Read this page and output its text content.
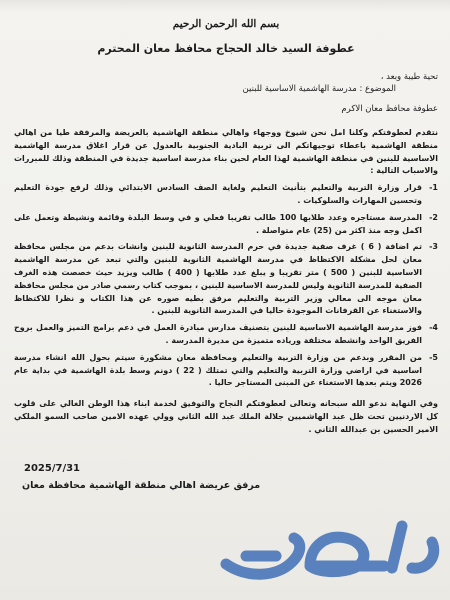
بسم الله الرحمن الرحيم
عطوفة السيد خالد الحجاج محافظ معان المحترم
تحية طيبة وبعد ،
الموضوع : مدرسة الهاشمية الاساسية للبنين
عطوفة محافظ معان الاكرم

نتقدم لعطوفتكم وكلنا امل نحن شيوخ ووجهاء واهالي منطقة الهاشمية بالعريضة والمرفقة طيا من اهالي منطقة الهاشمية باعطاء توجيهاتكم الى تربية البادية الجنوبية بالعدول عن قرار اغلاق مدرسة الهاشمية الاساسية للبنين في منطقة الهاشمية لهذا العام لحين بناء مدرسة اساسية جديدة في المنطقة وذلك للمبررات والاسباب التالية :

1-
قرار وزارة التربية والتعليم بتأنيث التعليم ولغاية الصف السادس الابتدائي وذلك لرفع جودة التعليم وتحسين المهارات والسلوكيات .
2-
المدرسة مستاجره وعدد طلابها 100 طالب تقريبا فعلي و في وسط البلدة وقائمة ونشيطة وتعمل على اكمل وجه منذ اكثر من (25) عام متواصلة .
3-
تم اضافة ( 6 ) غرف صفية جديدة في حرم المدرسة الثانوية للبنين وانشات بدعم من مجلس محافظة معان لحل مشكلة الاكتظاظ في مدرسة الهاشمية الثانوية للبنين والتي تبعد عن مدرسة الهاشمية الاساسية للبنين ( 500 ) متر تقريبا و يبلغ عدد طلابها ( 400 ) طالب ويزيد حيث خصصت هذه الغرف الصفية للمدرسة الثانوية وليس للمدرسة الاساسية للبنين ، بموجب كتاب رسمي صادر من مجلس محافظة معان موجه الى معالي وزير التربية والتعليم مرفق بطيه صوره عن هذا الكتاب و نظرا للاكتظاظ والاستغناء عن القرفانات الموجودة حاليا في المدرسة الثانوية للبنين .
4-
فوز مدرسة الهاشمية الاساسية للبنين بتصنيف مدارس مبادرة العمل في دعم برامج التميز والعمل بروح الفريق الواحد وانشطة مختلفة ورياده متميزة من مديرة المدرسة .
5-
من المقرر وبدعم من وزارة التربية والتعليم ومحافظة معان مشكورة سيتم بحول الله انشاء مدرسة اساسية في اراضي وزارة التربية والتعليم والتي تمتلك ( 22 ) دونم وسط بلدة الهاشمية في بداية عام 2026 ويتم بعدها الاستغناء عن المبنى المستاجر حاليا .

وفي النهاية ندعو الله سبحانه وتعالى لعطوفتكم النجاح والتوفيق لخدمة ابناء هذا الوطن الغالي على قلوب كل الاردنيين تحت ظل عبد الهاشميين جلالة الملك عبد الله الثاني وولي عهده الامين صاحب السمو الملكي الامير الحسين بن عبدالله الثاني .

2025/7/31
مرفق عريضة اهالي منطقة الهاشمية محافظة معان
